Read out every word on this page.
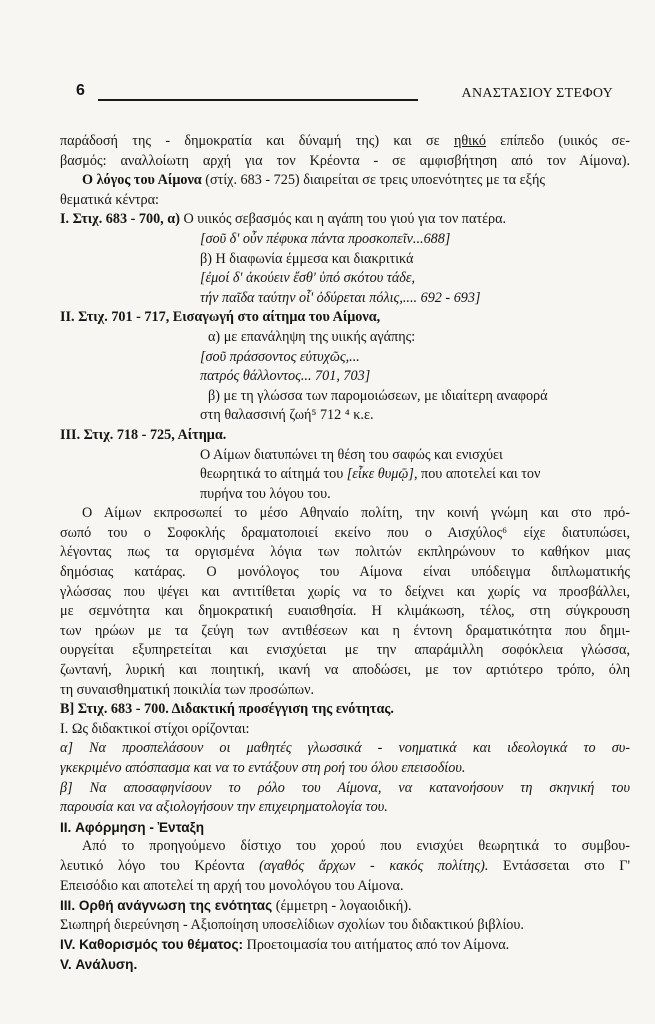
6	ΑΝΑΣΤΑΣΙΟΥ ΣΤΕΦΟΥ
παράδοσή της - δημοκρατία και δύναμή της) και σε ηθικό επίπεδο (υιικός σε-
βασμός: αναλλοίωτη αρχή για τον Κρέοντα - σε αμφισβήτηση από τον Αίμονα).
Ο λόγος του Αίμονα (στίχ. 683 - 725) διαιρείται σε τρεις υποενότητες με τα εξής
θεματικά κέντρα:
I. Στιχ. 683 - 700, α) Ο υιικός σεβασμός και η αγάπη του γιού για τον πατέρα.
[σοῦ δ' οὖν πέφυκα πάντα προσκοπεῖν...688]
β) Η διαφωνία έμμεσα και διακριτικά
[ἐμοί δ' ἀκούειν ἔσθ' ὑπό σκότου τάδε,
τήν παῖδα ταύτην οἷ' ὀδύρεται πόλις,.... 692 - 693]
II. Στιχ. 701 - 717, Εισαγωγή στο αίτημα του Αίμονα,
α) με επανάληψη της υιικής αγάπης:
[σοῦ πράσσοντος εὐτυχῶς,...
πατρός θάλλοντος... 701, 703]
β) με τη γλώσσα των παρομοιώσεων, με ιδιαίτερη αναφορά
στη θαλασσινή ζωή⁵ 712 ⁴ κ.ε.
III. Στιχ. 718 - 725, Αίτημα.
Ο Αίμων διατυπώνει τη θέση του σαφώς και ενισχύει
θεωρητικά το αίτημά του [εἶκε θυμῷ], που αποτελεί και τον
πυρήνα του λόγου του.
Ο Αίμων εκπροσωπεί το μέσο Αθηναίο πολίτη, την κοινή γνώμη και στο πρό-
σωπό του ο Σοφοκλής δραματοποιεί εκείνο που ο Αισχύλος⁶ είχε διατυπώσει,
λέγοντας πως τα οργισμένα λόγια των πολιτών εκπληρώνουν το καθήκον μιας
δημόσιας κατάρας. Ο μονόλογος του Αίμονα είναι υπόδειγμα διπλωματικής
γλώσσας που ψέγει και αντιτίθεται χωρίς να το δείχνει και χωρίς να προσβάλλει,
με σεμνότητα και δημοκρατική ευαισθησία. Η κλιμάκωση, τέλος, στη σύγκρουση
των ηρώων με τα ζεύγη των αντιθέσεων και η έντονη δραματικότητα που δημι-
ουργείται εξυπηρετείται και ενισχύεται με την απαράμιλλη σοφόκλεια γλώσσα,
ζωντανή, λυρική και ποιητική, ικανή να αποδώσει, με τον αρτιότερο τρόπο, όλη
τη συναισθηματική ποικιλία των προσώπων.
B] Στιχ. 683 - 700. Διδακτική προσέγγιση της ενότητας.
I. Ως διδακτικοί στίχοι ορίζονται:
α] Να προσπελάσουν οι μαθητές γλωσσικά - νοηματικά και ιδεολογικά το συ-
γκεκριμένο απόσπασμα και να το εντάξουν στη ροή του όλου επεισοδίου.
β] Να αποσαφηνίσουν το ρόλο του Αίμονα, να κατανοήσουν τη σκηνική του
παρουσία και να αξιολογήσουν την επιχειρηματολογία του.
II. Αφόρμηση - Ἐνταξη
Από το προηγούμενο δίστιχο του χορού που ενισχύει θεωρητικά το συμβου-
λευτικό λόγο του Κρέοντα (αγαθός ἄρχων - κακός πολίτης). Εντάσσεται στο Γ'
Επεισόδιο και αποτελεί τη αρχή του μονολόγου του Αίμονα.
III. Ορθή ανάγνωση της ενότητας (έμμετρη - λογαοιδική).
Σιωπηρή διερεύνηση - Αξιοποίηση υποσελίδιων σχολίων του διδακτικού βιβλίου.
IV. Καθορισμός του θέματος: Προετοιμασία του αιτήματος από τον Αίμονα.
V. Ανάλυση.
